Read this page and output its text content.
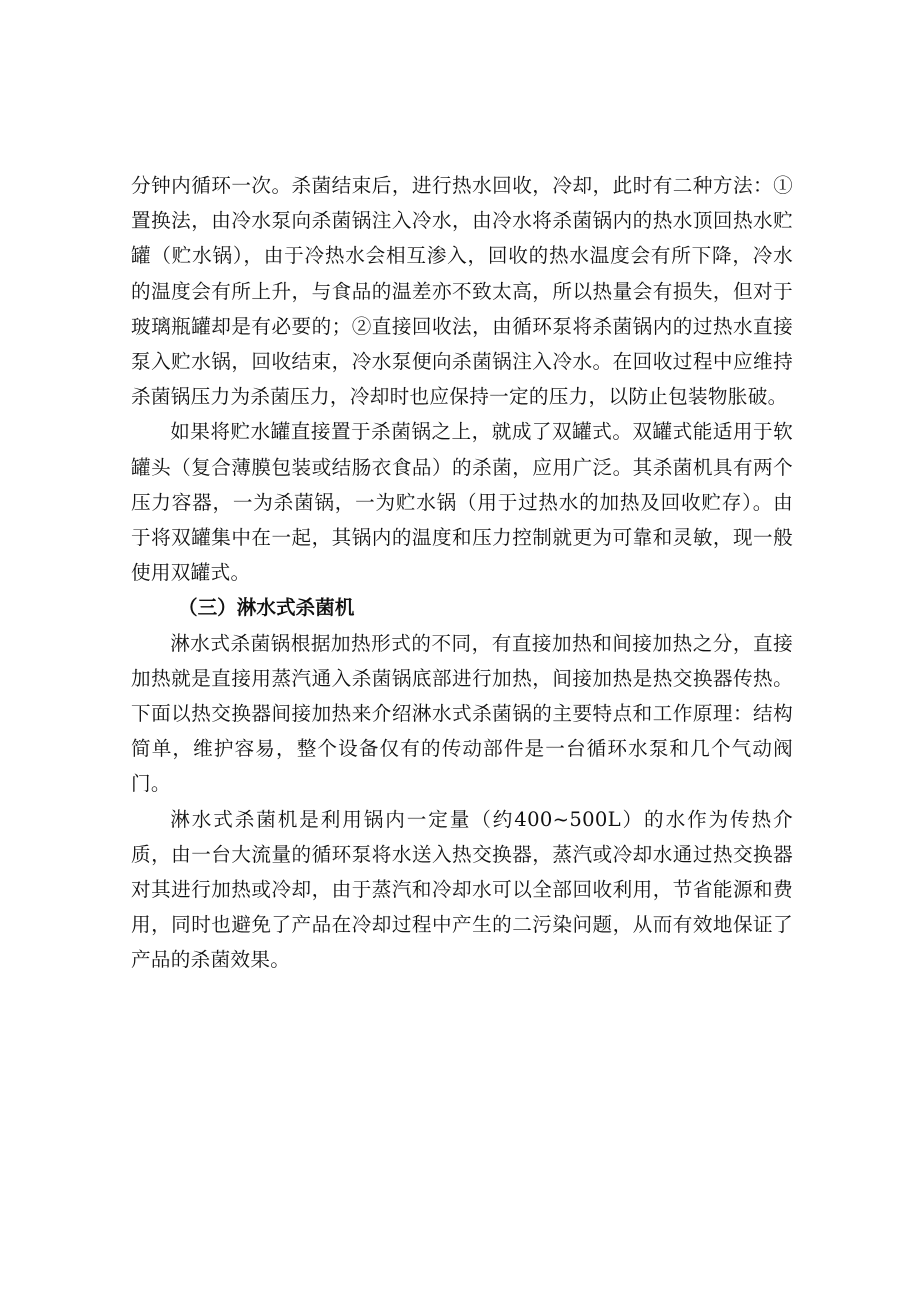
分钟内循环一次。杀菌结束后，进行热水回收，冷却，此时有二种方法：①置换法，由冷水泵向杀菌锅注入冷水，由冷水将杀菌锅内的热水顶回热水贮罐（贮水锅），由于冷热水会相互渗入，回收的热水温度会有所下降，冷水的温度会有所上升，与食品的温差亦不致太高，所以热量会有损失，但对于玻璃瓶罐却是有必要的；②直接回收法，由循环泵将杀菌锅内的过热水直接泵入贮水锅，回收结束，冷水泵便向杀菌锅注入冷水。在回收过程中应维持杀菌锅压力为杀菌压力，冷却时也应保持一定的压力，以防止包装物胀破。

如果将贮水罐直接置于杀菌锅之上，就成了双罐式。双罐式能适用于软罐头（复合薄膜包装或结肠衣食品）的杀菌，应用广泛。其杀菌机具有两个压力容器，一为杀菌锅，一为贮水锅（用于过热水的加热及回收贮存）。由于将双罐集中在一起，其锅内的温度和压力控制就更为可靠和灵敏，现一般使用双罐式。

（三）淋水式杀菌机

淋水式杀菌锅根据加热形式的不同，有直接加热和间接加热之分，直接加热就是直接用蒸汽通入杀菌锅底部进行加热，间接加热是热交换器传热。下面以热交换器间接加热来介绍淋水式杀菌锅的主要特点和工作原理：结构简单，维护容易，整个设备仅有的传动部件是一台循环水泵和几个气动阀门。

淋水式杀菌机是利用锅内一定量（约400~500L）的水作为传热介质，由一台大流量的循环泵将水送入热交换器，蒸汽或冷却水通过热交换器对其进行加热或冷却，由于蒸汽和冷却水可以全部回收利用，节省能源和费用，同时也避免了产品在冷却过程中产生的二污染问题，从而有效地保证了产品的杀菌效果。
